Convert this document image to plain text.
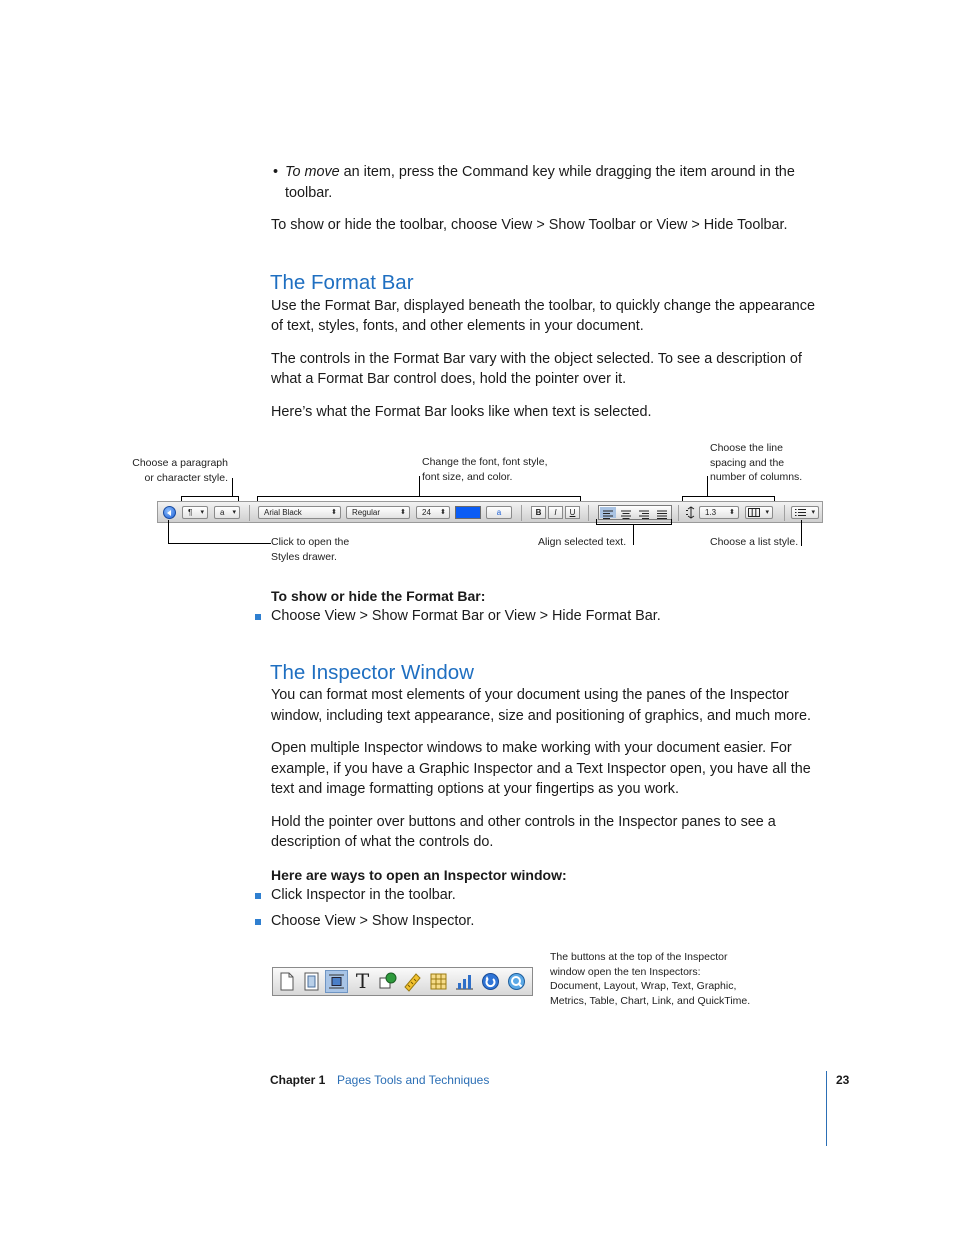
• To move an item, press the Command key while dragging the item around in the
toolbar.
To show or hide the toolbar, choose View > Show Toolbar or View > Hide Toolbar.
The Format Bar
Use the Format Bar, displayed beneath the toolbar, to quickly change the appearance
of text, styles, fonts, and other elements in your document.
The controls in the Format Bar vary with the object selected. To see a description of
what a Format Bar control does, hold the pointer over it.
Here’s what the Format Bar looks like when text is selected.
Choose a paragraph
or character style.
Change the font, font style,
font size, and color.
Choose the line
spacing and the
number of columns.
¶ ▾	a ▾	Arial Black	⬍	Regular	⬍	24 ⬍	a	B	I	U	1.3 ⬍	▾	▾
Click to open the
Styles drawer.
Align selected text.	Choose a list style.
To show or hide the Format Bar:
Choose View > Show Format Bar or View > Hide Format Bar.
The Inspector Window
You can format most elements of your document using the panes of the Inspector
window, including text appearance, size and positioning of graphics, and much more.
Open multiple Inspector windows to make working with your document easier. For
example, if you have a Graphic Inspector and a Text Inspector open, you have all the
text and image formatting options at your fingertips as you work.
Hold the pointer over buttons and other controls in the Inspector panes to see a
description of what the controls do.
Here are ways to open an Inspector window:
Click Inspector in the toolbar.
Choose View > Show Inspector.
T
The buttons at the top of the Inspector
window open the ten Inspectors:
Document, Layout, Wrap, Text, Graphic,
Metrics, Table, Chart, Link, and QuickTime.
Chapter 1 Pages Tools and Techniques	23
